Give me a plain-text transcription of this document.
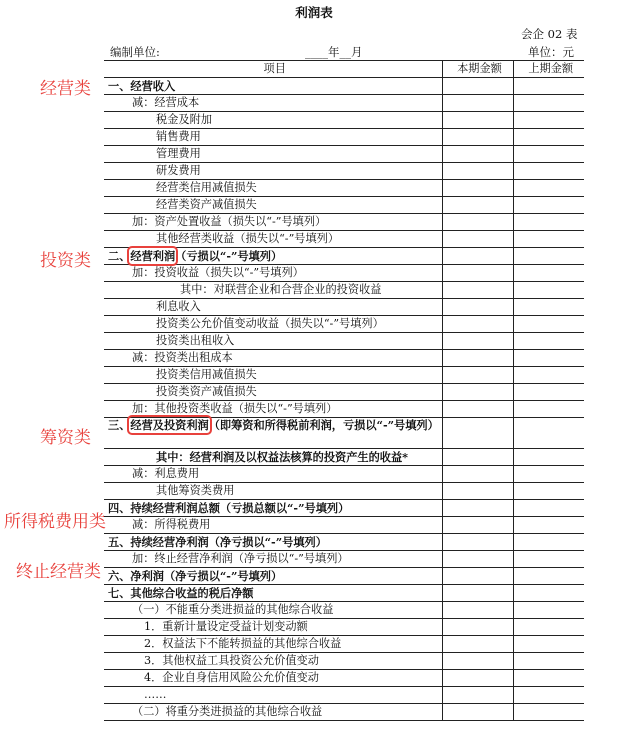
利润表
会企 02 表
编制单位:	____年__月	单位：元
经营类
投资类
筹资类
所得税费用类
终止经营类
项目	本期金额	上期金额
一、经营收入		
减：经营成本		
税金及附加		
销售费用		
管理费用		
研发费用		
经营类信用减值损失		
经营类资产减值损失		
加：资产处置收益（损失以“-”号填列）		
其他经营类收益（损失以“-”号填列）		
二、经营利润（亏损以“-”号填列）		
加：投资收益（损失以“-”号填列）		
其中：对联营企业和合营企业的投资收益		
利息收入		
投资类公允价值变动收益（损失以“-”号填列）		
投资类出租收入		
减：投资类出租成本		
投资类信用减值损失		
投资类资产减值损失		
加：其他投资类收益（损失以“-”号填列）		
三、经营及投资利润（即筹资和所得税前利润，亏损以“-”号填列）		
其中：经营利润及以权益法核算的投资产生的收益*		
减：利息费用		
其他筹资类费用		
四、持续经营利润总额（亏损总额以“-”号填列）		
减：所得税费用		
五、持续经营净利润（净亏损以“-”号填列）		
加：终止经营净利润（净亏损以“-”号填列）		
六、净利润（净亏损以“-”号填列）		
七、其他综合收益的税后净额		
（一）不能重分类进损益的其他综合收益		
1．重新计量设定受益计划变动额		
2．权益法下不能转损益的其他综合收益		
3．其他权益工具投资公允价值变动		
4．企业自身信用风险公允价值变动		
……		
（二）将重分类进损益的其他综合收益		
